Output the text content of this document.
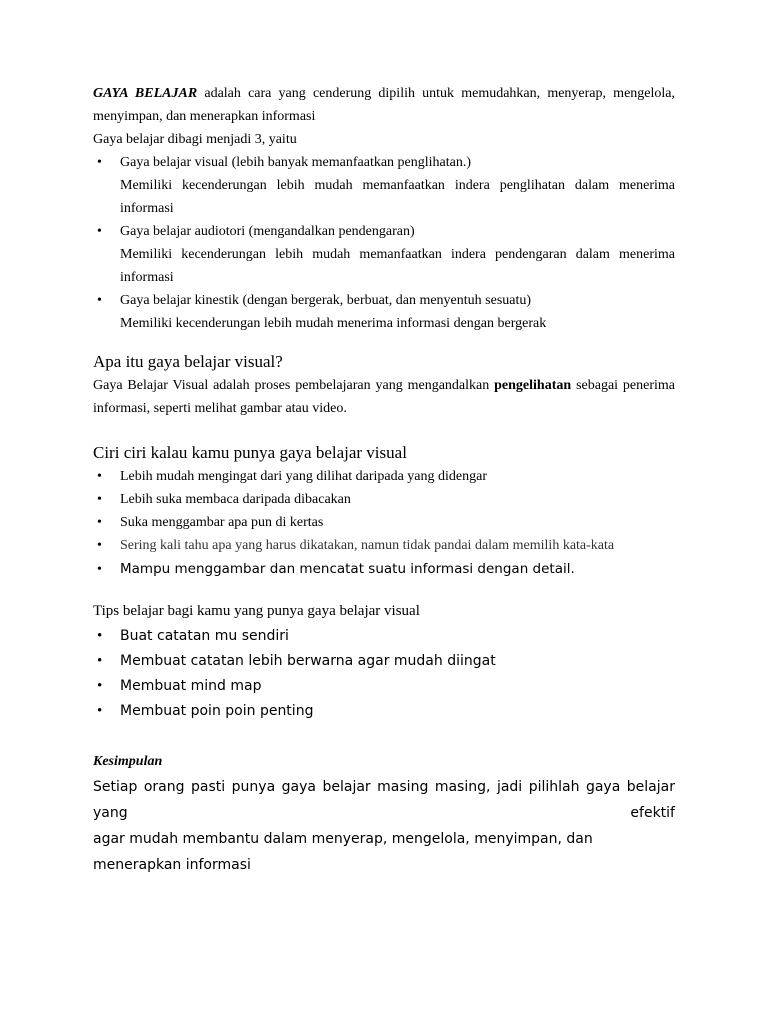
GAYA BELAJAR adalah cara yang cenderung dipilih untuk memudahkan, menyerap, mengelola,

menyimpan, dan menerapkan informasi

Gaya belajar dibagi menjadi 3, yaitu

•	Gaya belajar visual (lebih banyak memanfaatkan penglihatan.)

Memiliki kecenderungan lebih mudah memanfaatkan indera penglihatan dalam menerima

informasi

•	Gaya belajar audiotori (mengandalkan pendengaran)

Memiliki kecenderungan lebih mudah memanfaatkan indera pendengaran dalam menerima

informasi

•	Gaya belajar kinestik (dengan bergerak, berbuat, dan menyentuh sesuatu)

Memiliki kecenderungan lebih mudah menerima informasi dengan bergerak

Apa itu gaya belajar visual?

Gaya Belajar Visual adalah proses pembelajaran yang mengandalkan pengelihatan sebagai penerima

informasi, seperti melihat gambar atau video.

Ciri ciri kalau kamu punya gaya belajar visual

•	Lebih mudah mengingat dari yang dilihat daripada yang didengar
•	Lebih suka membaca daripada dibacakan
•	Suka menggambar apa pun di kertas
•	Sering kali tahu apa yang harus dikatakan, namun tidak pandai dalam memilih kata-kata
•	Mampu menggambar dan mencatat suatu informasi dengan detail.

Tips belajar bagi kamu yang punya gaya belajar visual

•	Buat catatan mu sendiri
•	Membuat catatan lebih berwarna agar mudah diingat
•	Membuat mind map
•	Membuat poin poin penting

Kesimpulan

Setiap orang pasti punya gaya belajar masing masing, jadi pilihlah gaya belajar yang efektif

agar mudah membantu dalam menyerap, mengelola, menyimpan, dan menerapkan informasi
